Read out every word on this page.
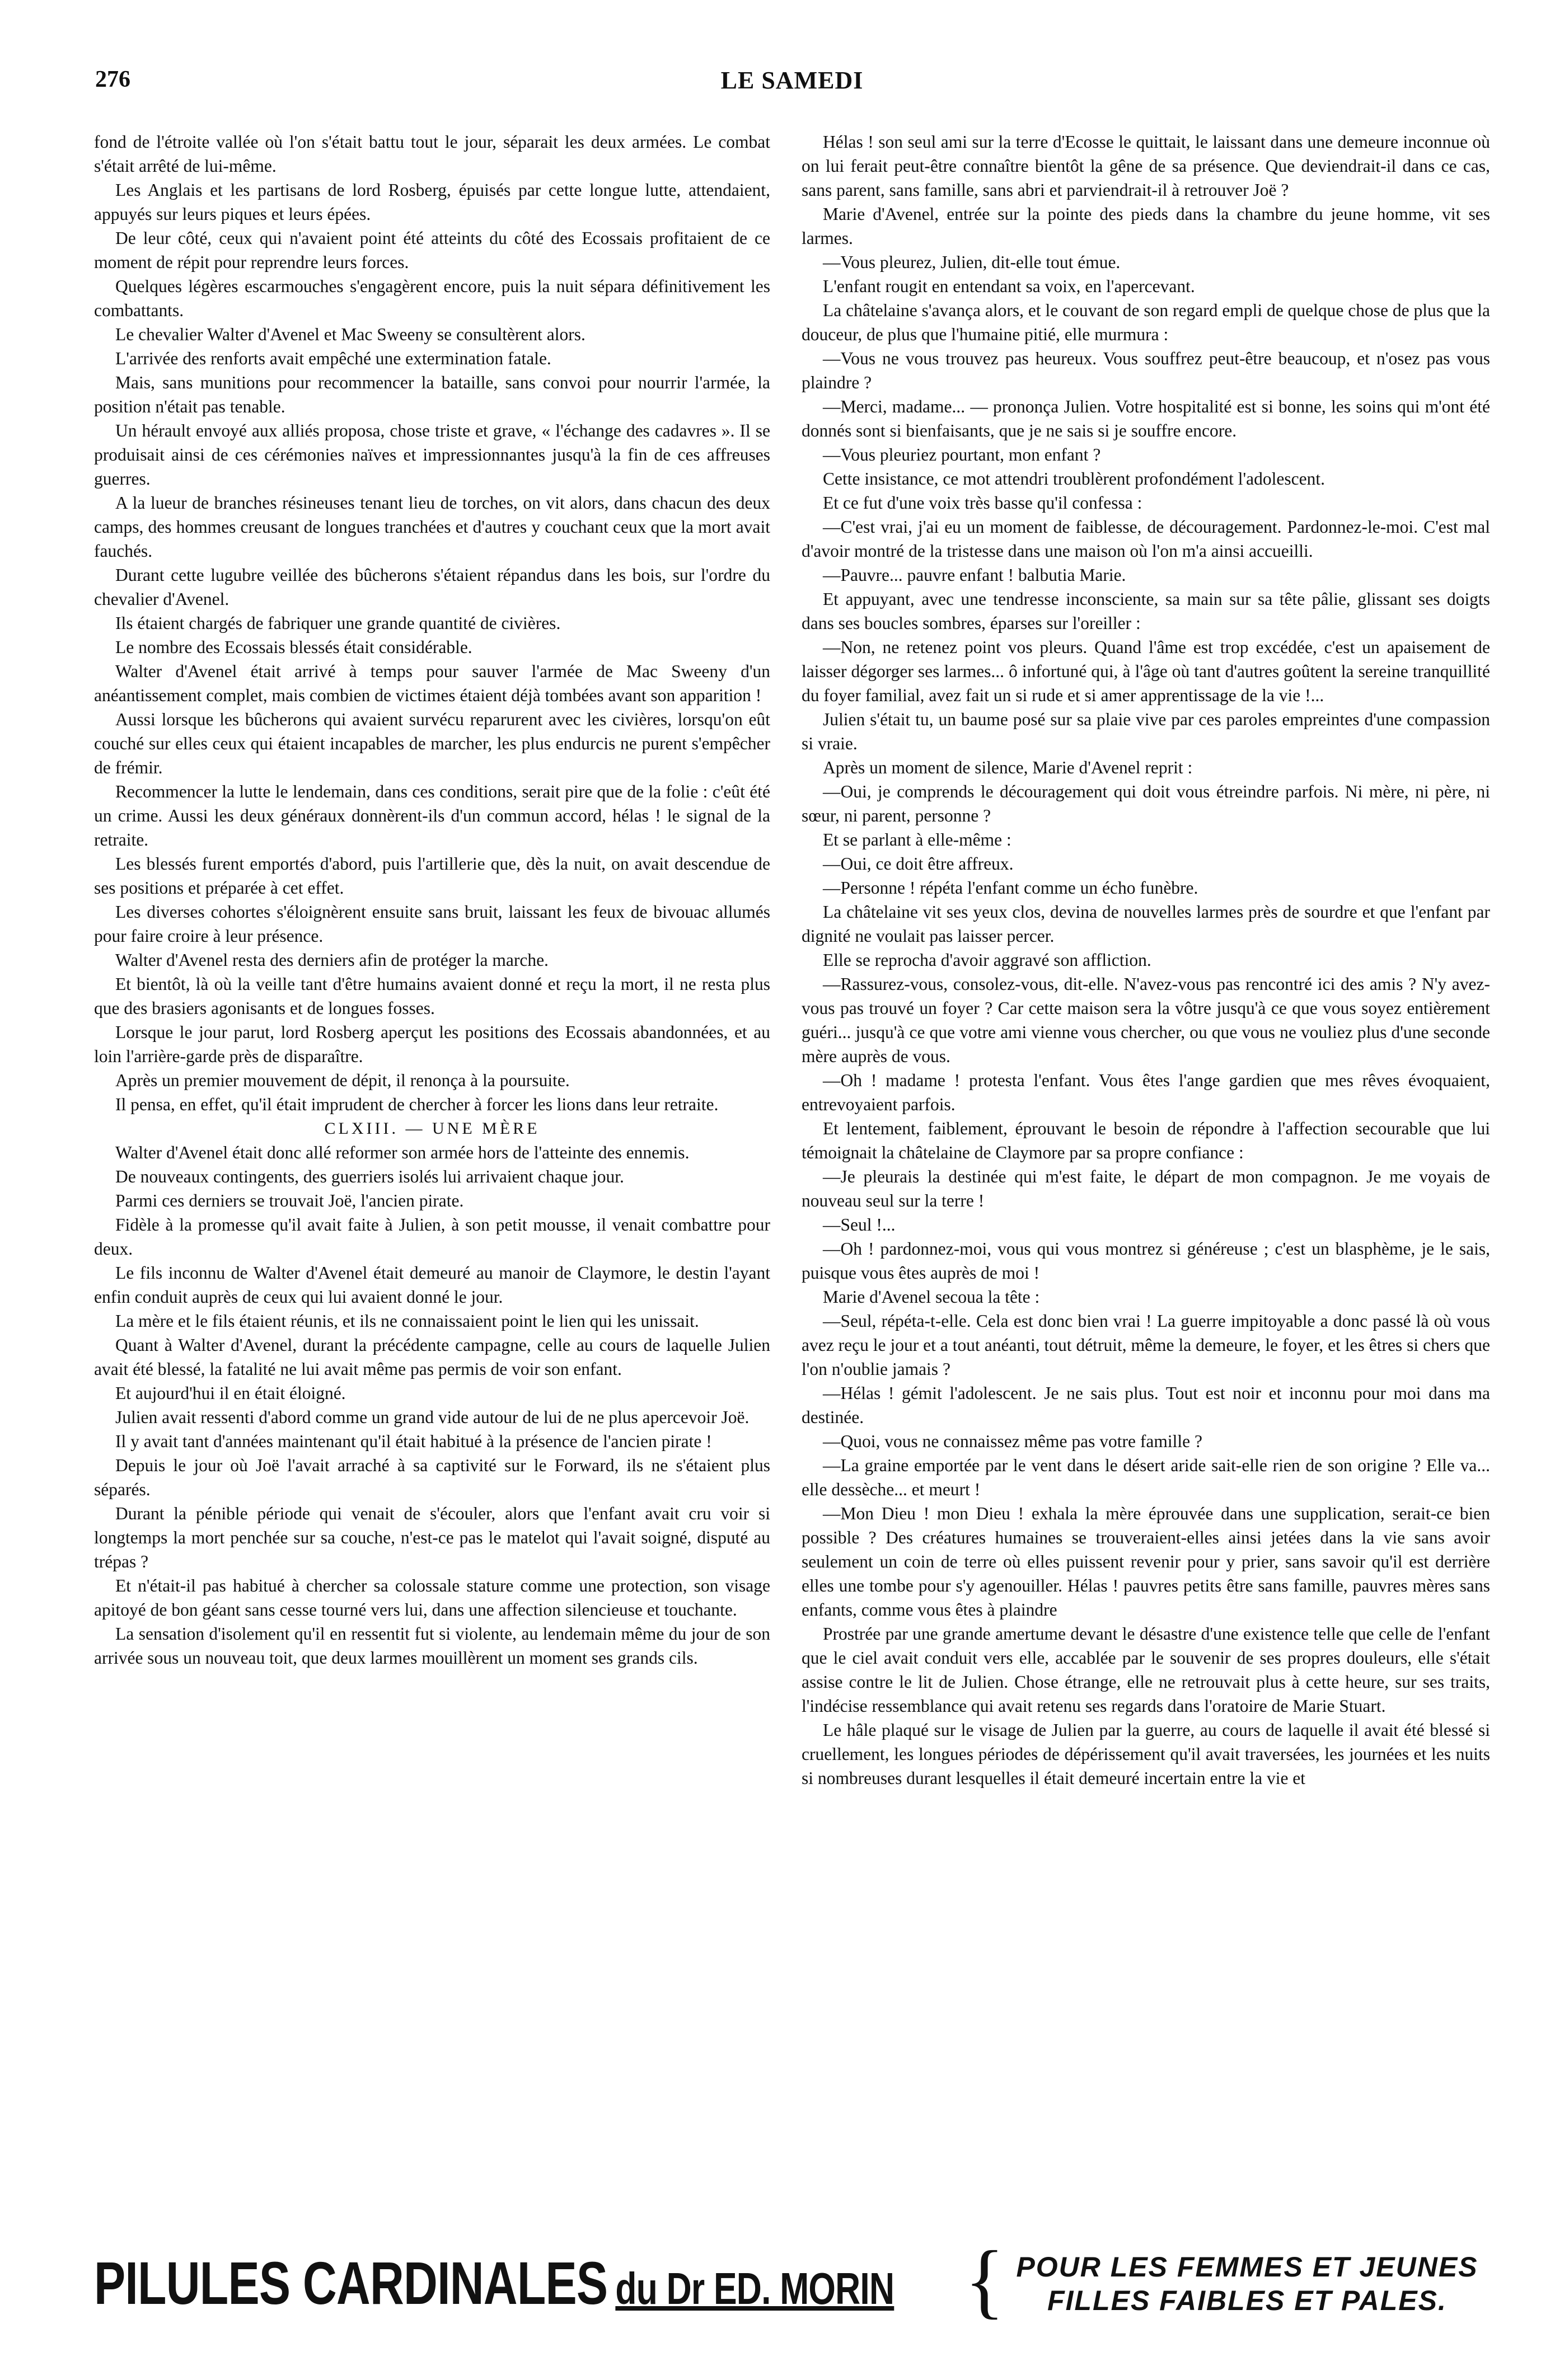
276	LE SAMEDI

fond de l'étroite vallée où l'on s'était battu tout le jour, séparait les deux armées. Le combat s'était arrêté de lui-même.

Les Anglais et les partisans de lord Rosberg, épuisés par cette longue lutte, attendaient, appuyés sur leurs piques et leurs épées.

De leur côté, ceux qui n'avaient point été atteints du côté des Ecossais profitaient de ce moment de répit pour reprendre leurs forces.

Quelques légères escarmouches s'engagèrent encore, puis la nuit sépara définitivement les combattants.

Le chevalier Walter d'Avenel et Mac Sweeny se consultèrent alors.

L'arrivée des renforts avait empêché une extermination fatale.

Mais, sans munitions pour recommencer la bataille, sans convoi pour nourrir l'armée, la position n'était pas tenable.

Un hérault envoyé aux alliés proposa, chose triste et grave, « l'échange des cadavres ». Il se produisait ainsi de ces cérémonies naïves et impressionnantes jusqu'à la fin de ces affreuses guerres.

A la lueur de branches résineuses tenant lieu de torches, on vit alors, dans chacun des deux camps, des hommes creusant de longues tranchées et d'autres y couchant ceux que la mort avait fauchés.

Durant cette lugubre veillée des bûcherons s'étaient répandus dans les bois, sur l'ordre du chevalier d'Avenel.

Ils étaient chargés de fabriquer une grande quantité de civières.

Le nombre des Ecossais blessés était considérable.

Walter d'Avenel était arrivé à temps pour sauver l'armée de Mac Sweeny d'un anéantissement complet, mais combien de victimes étaient déjà tombées avant son apparition !

Aussi lorsque les bûcherons qui avaient survécu reparurent avec les civières, lorsqu'on eût couché sur elles ceux qui étaient incapables de marcher, les plus endurcis ne purent s'empêcher de frémir.

Recommencer la lutte le lendemain, dans ces conditions, serait pire que de la folie : c'eût été un crime. Aussi les deux généraux donnèrent-ils d'un commun accord, hélas ! le signal de la retraite.

Les blessés furent emportés d'abord, puis l'artillerie que, dès la nuit, on avait descendue de ses positions et préparée à cet effet.

Les diverses cohortes s'éloignèrent ensuite sans bruit, laissant les feux de bivouac allumés pour faire croire à leur présence.

Walter d'Avenel resta des derniers afin de protéger la marche.

Et bientôt, là où la veille tant d'être humains avaient donné et reçu la mort, il ne resta plus que des brasiers agonisants et de longues fosses.

Lorsque le jour parut, lord Rosberg aperçut les positions des Ecossais abandonnées, et au loin l'arrière-garde près de disparaître.

Après un premier mouvement de dépit, il renonça à la poursuite.

Il pensa, en effet, qu'il était imprudent de chercher à forcer les lions dans leur retraite.

CLXIII. — UNE MÈRE

Walter d'Avenel était donc allé reformer son armée hors de l'atteinte des ennemis.

De nouveaux contingents, des guerriers isolés lui arrivaient chaque jour.

Parmi ces derniers se trouvait Joë, l'ancien pirate.

Fidèle à la promesse qu'il avait faite à Julien, à son petit mousse, il venait combattre pour deux.

Le fils inconnu de Walter d'Avenel était demeuré au manoir de Claymore, le destin l'ayant enfin conduit auprès de ceux qui lui avaient donné le jour.

La mère et le fils étaient réunis, et ils ne connaissaient point le lien qui les unissait.

Quant à Walter d'Avenel, durant la précédente campagne, celle au cours de laquelle Julien avait été blessé, la fatalité ne lui avait même pas permis de voir son enfant.

Et aujourd'hui il en était éloigné.

Julien avait ressenti d'abord comme un grand vide autour de lui de ne plus apercevoir Joë.

Il y avait tant d'années maintenant qu'il était habitué à la présence de l'ancien pirate !

Depuis le jour où Joë l'avait arraché à sa captivité sur le Forward, ils ne s'étaient plus séparés.

Durant la pénible période qui venait de s'écouler, alors que l'enfant avait cru voir si longtemps la mort penchée sur sa couche, n'est-ce pas le matelot qui l'avait soigné, disputé au trépas ?

Et n'était-il pas habitué à chercher sa colossale stature comme une protection, son visage apitoyé de bon géant sans cesse tourné vers lui, dans une affection silencieuse et touchante.

La sensation d'isolement qu'il en ressentit fut si violente, au lendemain même du jour de son arrivée sous un nouveau toit, que deux larmes mouillèrent un moment ses grands cils.

Hélas ! son seul ami sur la terre d'Ecosse le quittait, le laissant dans une demeure inconnue où on lui ferait peut-être connaître bientôt la gêne de sa présence. Que deviendrait-il dans ce cas, sans parent, sans famille, sans abri et parviendrait-il à retrouver Joë ?

Marie d'Avenel, entrée sur la pointe des pieds dans la chambre du jeune homme, vit ses larmes.

—Vous pleurez, Julien, dit-elle tout émue.

L'enfant rougit en entendant sa voix, en l'apercevant.

La châtelaine s'avança alors, et le couvant de son regard empli de quelque chose de plus que la douceur, de plus que l'humaine pitié, elle murmura :

—Vous ne vous trouvez pas heureux. Vous souffrez peut-être beaucoup, et n'osez pas vous plaindre ?

—Merci, madame... — prononça Julien. Votre hospitalité est si bonne, les soins qui m'ont été donnés sont si bienfaisants, que je ne sais si je souffre encore.

—Vous pleuriez pourtant, mon enfant ?

Cette insistance, ce mot attendri troublèrent profondément l'adolescent.

Et ce fut d'une voix très basse qu'il confessa :

—C'est vrai, j'ai eu un moment de faiblesse, de découragement. Pardonnez-le-moi. C'est mal d'avoir montré de la tristesse dans une maison où l'on m'a ainsi accueilli.

—Pauvre... pauvre enfant ! balbutia Marie.

Et appuyant, avec une tendresse inconsciente, sa main sur sa tête pâlie, glissant ses doigts dans ses boucles sombres, éparses sur l'oreiller :

—Non, ne retenez point vos pleurs. Quand l'âme est trop excédée, c'est un apaisement de laisser dégorger ses larmes... ô infortuné qui, à l'âge où tant d'autres goûtent la sereine tranquillité du foyer familial, avez fait un si rude et si amer apprentissage de la vie !...

Julien s'était tu, un baume posé sur sa plaie vive par ces paroles empreintes d'une compassion si vraie.

Après un moment de silence, Marie d'Avenel reprit :

—Oui, je comprends le découragement qui doit vous étreindre parfois. Ni mère, ni père, ni sœur, ni parent, personne ?

Et se parlant à elle-même :

—Oui, ce doit être affreux.

—Personne ! répéta l'enfant comme un écho funèbre.

La châtelaine vit ses yeux clos, devina de nouvelles larmes près de sourdre et que l'enfant par dignité ne voulait pas laisser percer.

Elle se reprocha d'avoir aggravé son affliction.

—Rassurez-vous, consolez-vous, dit-elle. N'avez-vous pas rencontré ici des amis ? N'y avez-vous pas trouvé un foyer ? Car cette maison sera la vôtre jusqu'à ce que vous soyez entièrement guéri... jusqu'à ce que votre ami vienne vous chercher, ou que vous ne vouliez plus d'une seconde mère auprès de vous.

—Oh ! madame ! protesta l'enfant. Vous êtes l'ange gardien que mes rêves évoquaient, entrevoyaient parfois.

Et lentement, faiblement, éprouvant le besoin de répondre à l'affection secourable que lui témoignait la châtelaine de Claymore par sa propre confiance :

—Je pleurais la destinée qui m'est faite, le départ de mon compagnon. Je me voyais de nouveau seul sur la terre !

—Seul !...

—Oh ! pardonnez-moi, vous qui vous montrez si généreuse ; c'est un blasphème, je le sais, puisque vous êtes auprès de moi !

Marie d'Avenel secoua la tête :

—Seul, répéta-t-elle. Cela est donc bien vrai ! La guerre impitoyable a donc passé là où vous avez reçu le jour et a tout anéanti, tout détruit, même la demeure, le foyer, et les êtres si chers que l'on n'oublie jamais ?

—Hélas ! gémit l'adolescent. Je ne sais plus. Tout est noir et inconnu pour moi dans ma destinée.

—Quoi, vous ne connaissez même pas votre famille ?

—La graine emportée par le vent dans le désert aride sait-elle rien de son origine ? Elle va... elle dessèche... et meurt !

—Mon Dieu ! mon Dieu ! exhala la mère éprouvée dans une supplication, serait-ce bien possible ? Des créatures humaines se trouveraient-elles ainsi jetées dans la vie sans avoir seulement un coin de terre où elles puissent revenir pour y prier, sans savoir qu'il est derrière elles une tombe pour s'y agenouiller. Hélas ! pauvres petits être sans famille, pauvres mères sans enfants, comme vous êtes à plaindre

Prostrée par une grande amertume devant le désastre d'une existence telle que celle de l'enfant que le ciel avait conduit vers elle, accablée par le souvenir de ses propres douleurs, elle s'était assise contre le lit de Julien. Chose étrange, elle ne retrouvait plus à cette heure, sur ses traits, l'indécise ressemblance qui avait retenu ses regards dans l'oratoire de Marie Stuart.

Le hâle plaqué sur le visage de Julien par la guerre, au cours de laquelle il avait été blessé si cruellement, les longues périodes de dépérissement qu'il avait traversées, les journées et les nuits si nombreuses durant lesquelles il était demeuré incertain entre la vie et

PILULES CARDINALES du Dr ED. MORIN { POUR LES FEMMES ET JEUNES
FILLES FAIBLES ET PALES.
